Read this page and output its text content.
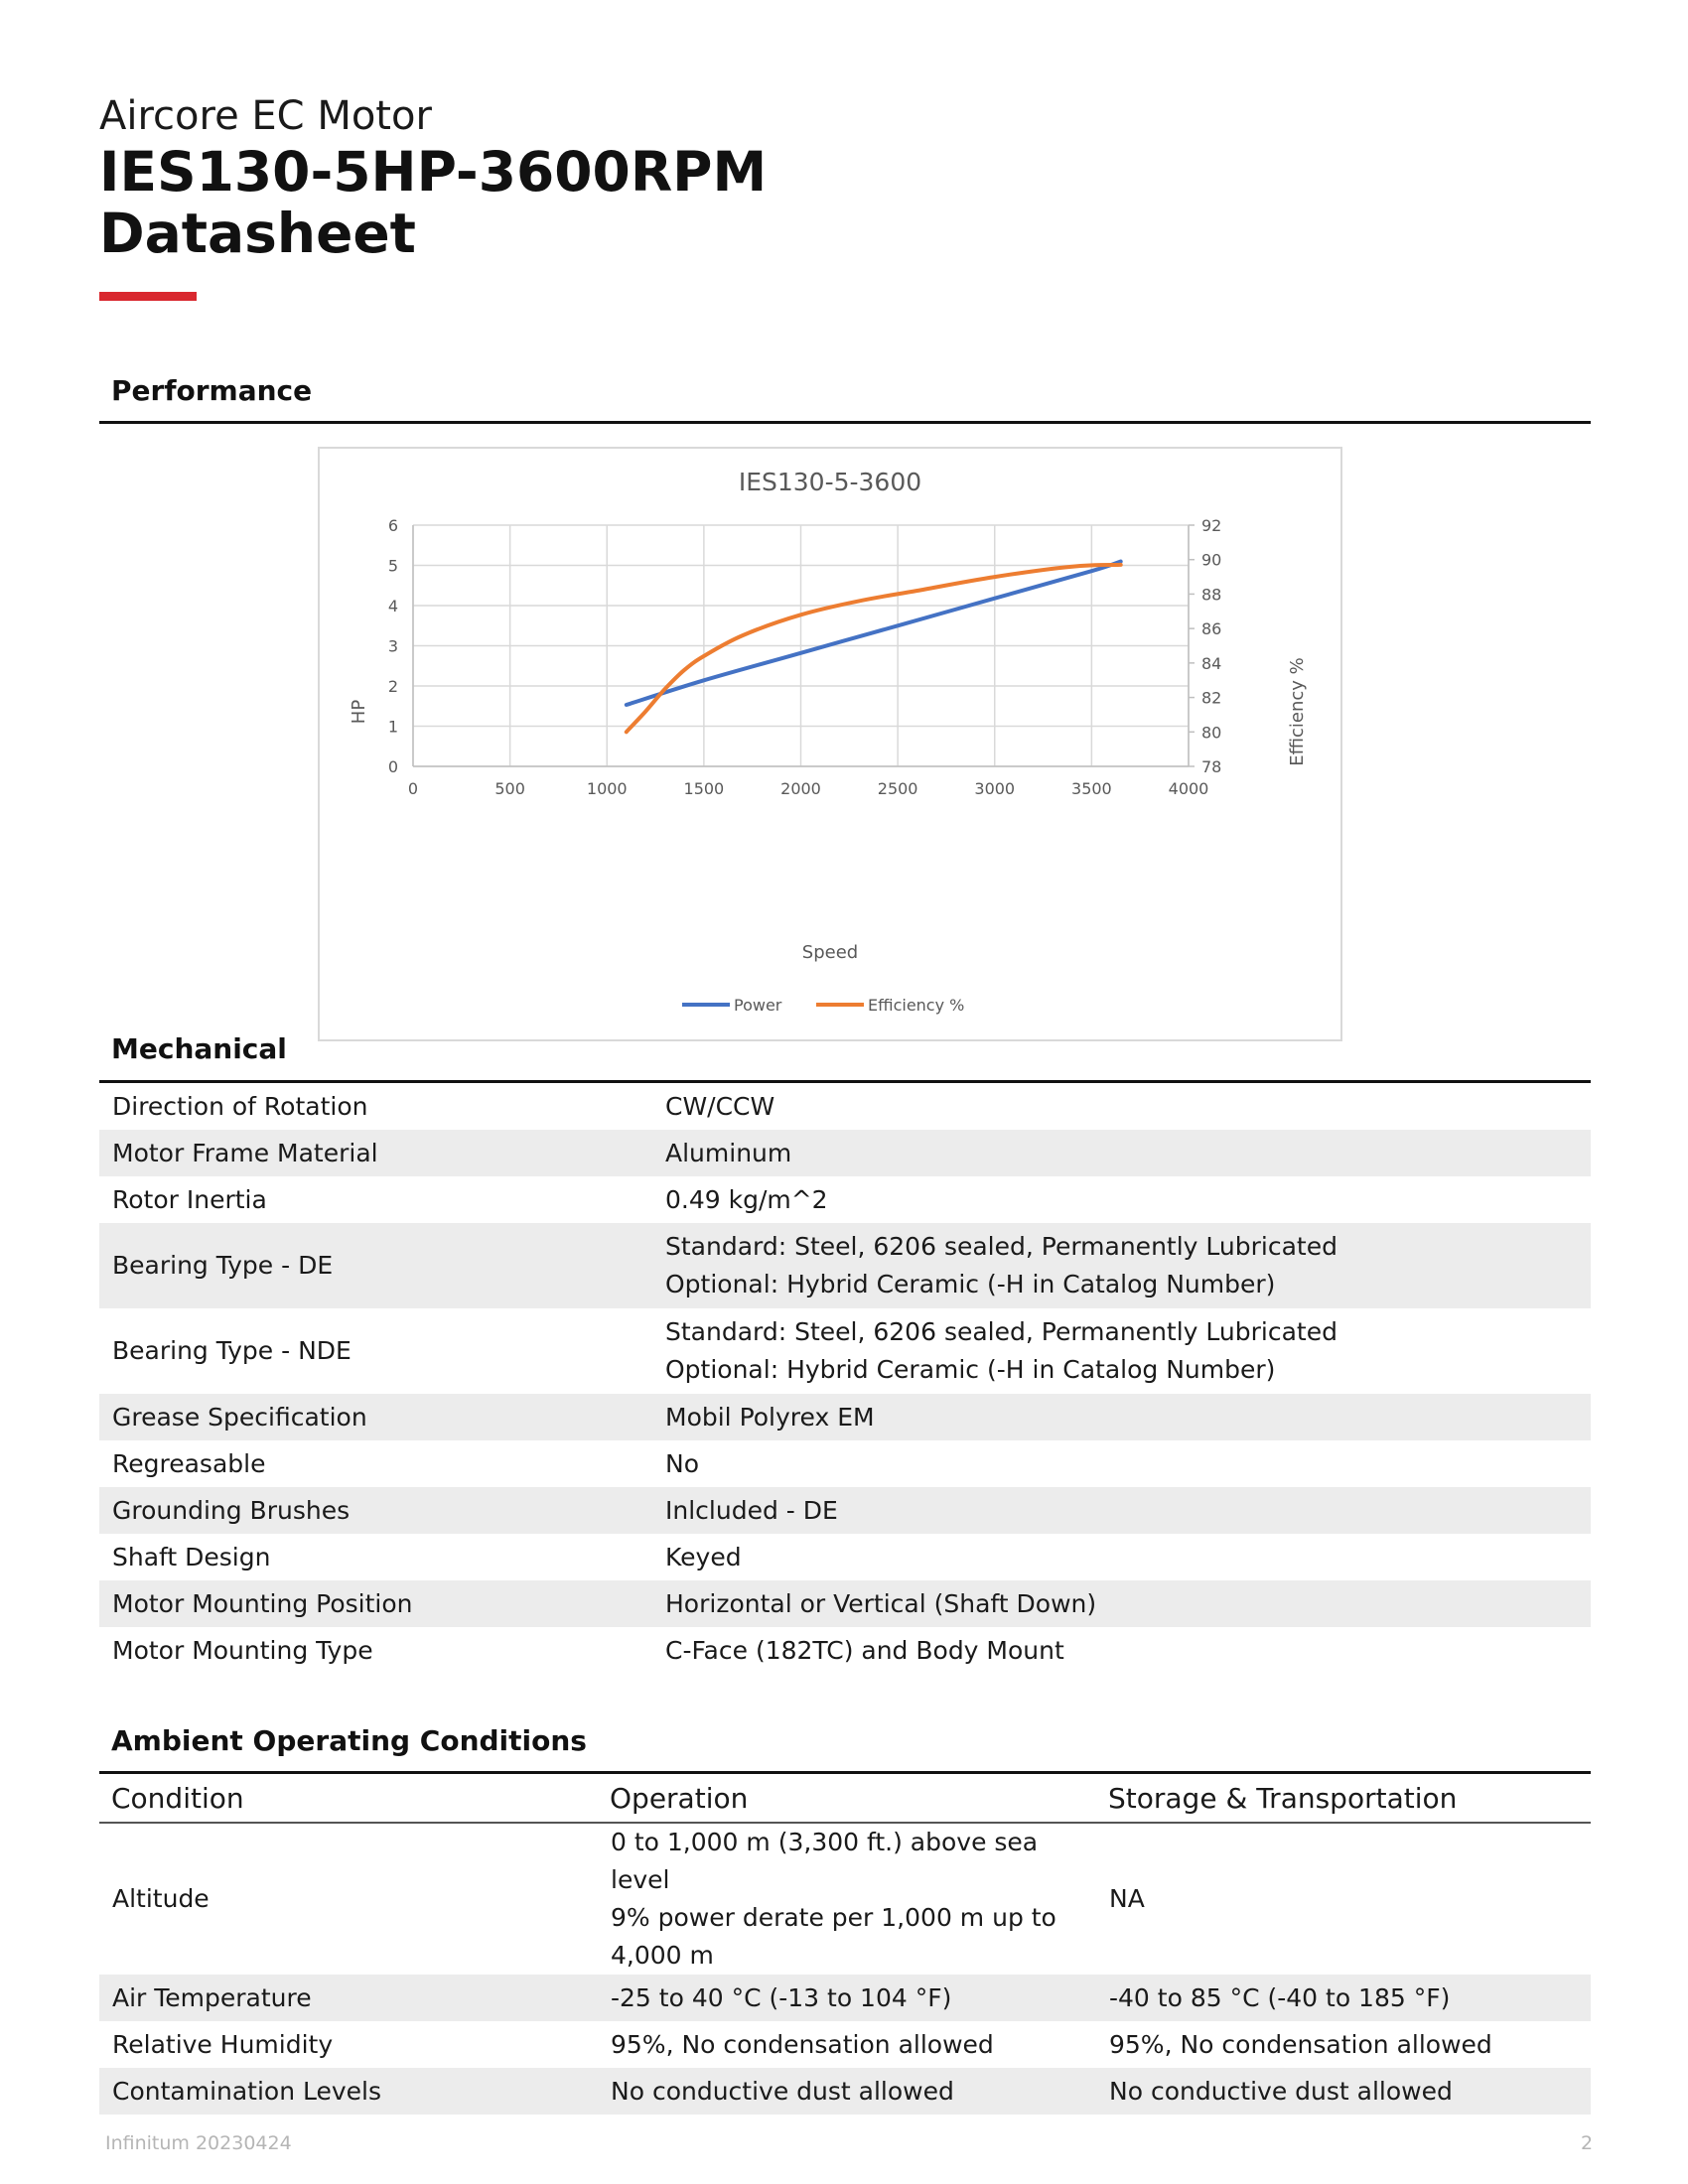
Aircore EC Motor
IES130-5HP-3600RPM
Datasheet
Performance
IES130-5-3600
0	500	1000	1500	2000	2500	3000	3500	4000
0
1
2
3
4
5
6
78
80
82
84
86
88
90
92
Speed
HP	Efficiency %
Power	Efficiency %
Mechanical
Direction of Rotation	CW/CCW
Motor Frame Material	Aluminum
Rotor Inertia	0.49 kg/m^2
Bearing Type - DE	Standard: Steel, 6206 sealed, Permanently Lubricated
Optional: Hybrid Ceramic (-H in Catalog Number)

Bearing Type - NDE	Standard: Steel, 6206 sealed, Permanently Lubricated
Optional: Hybrid Ceramic (-H in Catalog Number)

Grease Specification	Mobil Polyrex EM
Regreasable	No
Grounding Brushes	Inlcluded - DE
Shaft Design	Keyed
Motor Mounting Position	Horizontal or Vertical (Shaft Down)
Motor Mounting Type	C-Face (182TC) and Body Mount
Ambient Operating Conditions
Condition	Operation	Storage & Transportation
Altitude	0 to 1,000 m (3,300 ft.) above sea level
9% power derate per 1,000 m up to
4,000 m	NA
Air Temperature	-25 to 40 °C (-13 to 104 °F)	-40 to 85 °C (-40 to 185 °F)
Relative Humidity	95%, No condensation allowed	95%, No condensation allowed
Contamination Levels	No conductive dust allowed	No conductive dust allowed
Infinitum 20230424	2
